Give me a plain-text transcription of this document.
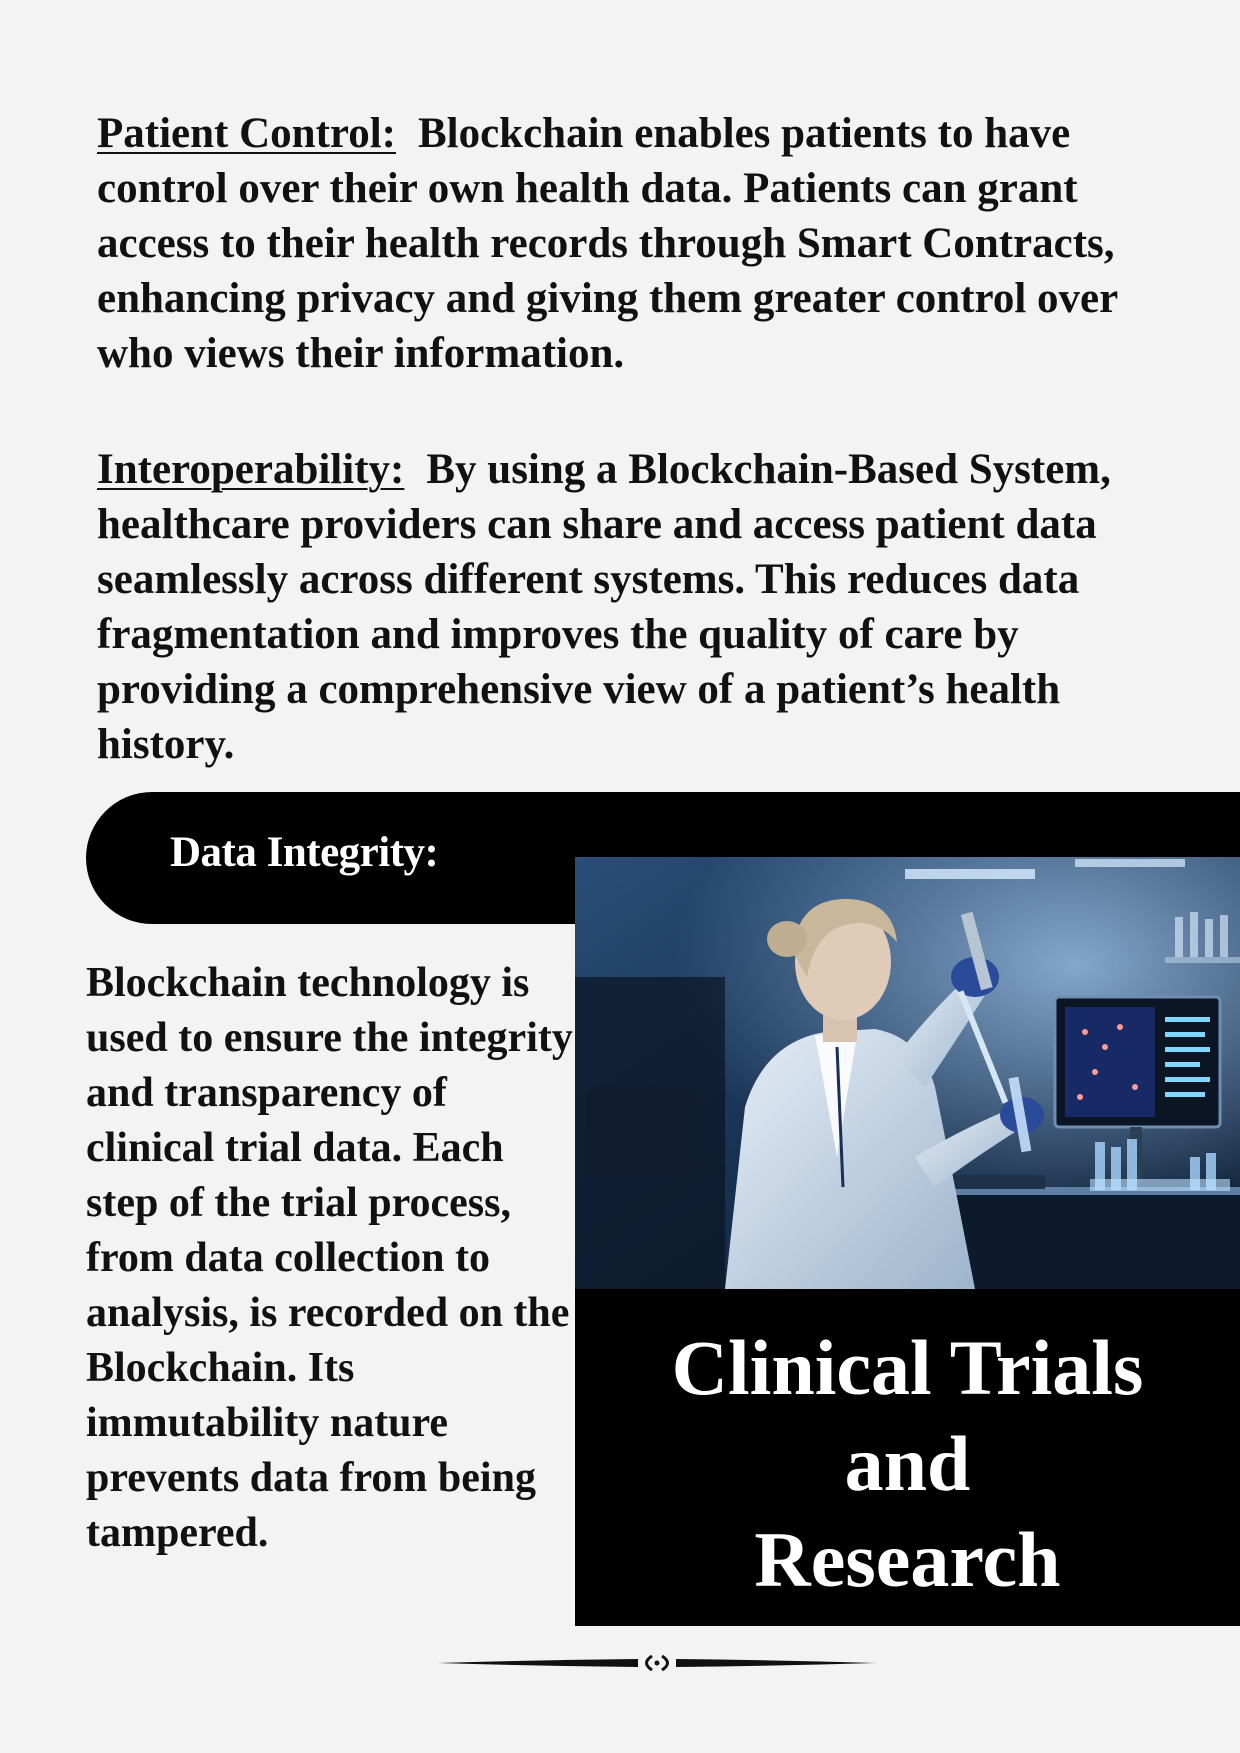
Patient Control: Blockchain enables patients to have control over their own health data. Patients can grant access to their health records through Smart Contracts, enhancing privacy and giving them greater control over who views their information.

Interoperability: By using a Blockchain-Based System, healthcare providers can share and access patient data seamlessly across different systems. This reduces data fragmentation and improves the quality of care by providing a comprehensive view of a patient’s health history.

Data Integrity:

Blockchain technology is used to ensure the integrity and transparency of clinical trial data. Each step of the trial process, from data collection to analysis, is recorded on the Blockchain. Its immutability nature prevents data from being tampered.

Clinical Trials
and
Research
